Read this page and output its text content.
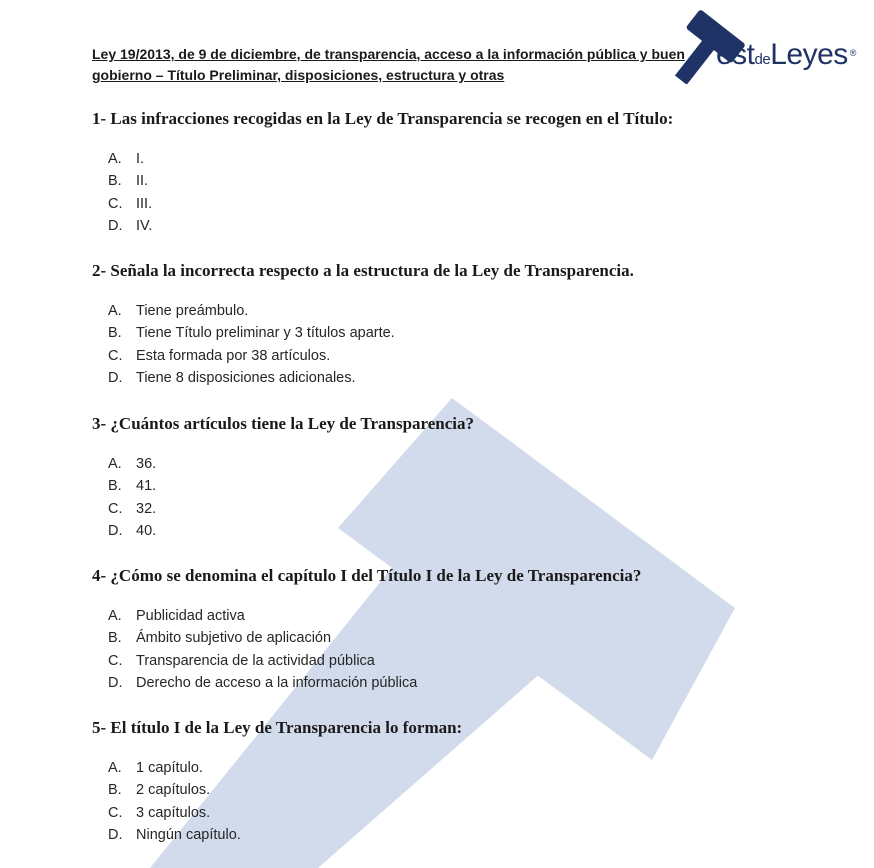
estdeLeyes ®
Ley 19/2013, de 9 de diciembre, de transparencia, acceso a la información pública y buen
gobierno – Título Preliminar, disposiciones, estructura y otras

1- Las infracciones recogidas en la Ley de Transparencia se recogen en el Título:

A. I.
B. II.
C. III.
D. IV.

2- Señala la incorrecta respecto a la estructura de la Ley de Transparencia.

A. Tiene preámbulo.
B. Tiene Título preliminar y 3 títulos aparte.
C. Esta formada por 38 artículos.
D. Tiene 8 disposiciones adicionales.

3- ¿Cuántos artículos tiene la Ley de Transparencia?

A. 36.
B. 41.
C. 32.
D. 40.

4- ¿Cómo se denomina el capítulo I del Título I de la Ley de Transparencia?

A. Publicidad activa
B. Ámbito subjetivo de aplicación
C. Transparencia de la actividad pública
D. Derecho de acceso a la información pública

5- El título I de la Ley de Transparencia lo forman:

A. 1 capítulo.
B. 2 capítulos.
C. 3 capítulos.
D. Ningún capítulo.
